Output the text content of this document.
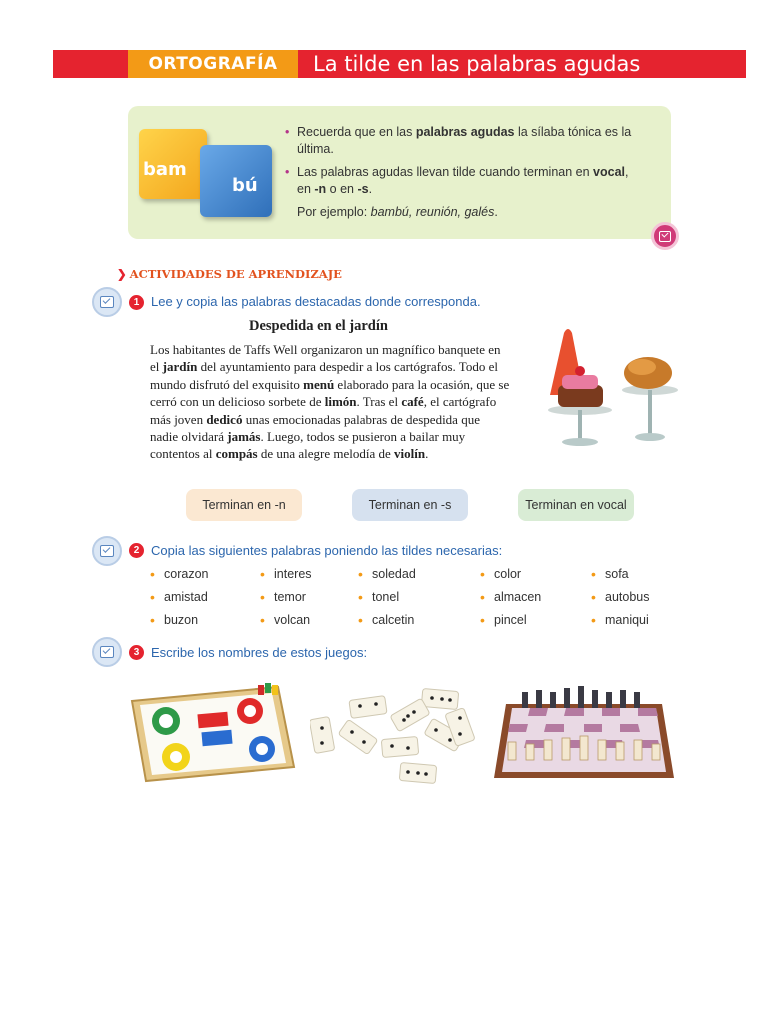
ORTOGRAFÍA	La tilde en las palabras agudas
bam
bú
• Recuerda que en las palabras agudas la sílaba tónica es la última.
• Las palabras agudas llevan tilde cuando terminan en vocal, en -n o en -s.
Por ejemplo: bambú, reunión, galés.
❯ ACTIVIDADES DE APRENDIZAJE
1 Lee y copia las palabras destacadas donde corresponda.
Despedida en el jardín
Los habitantes de Taffs Well organizaron un magnífico banquete en el jardín del ayuntamiento para despedir a los cartógrafos. Todo el mundo disfrutó del exquisito menú elaborado para la ocasión, que se cerró con un delicioso sorbete de limón. Tras el café, el cartógrafo más joven dedicó unas emocionadas palabras de despedida que nadie olvidará jamás. Luego, todos se pusieron a bailar muy contentos al compás de una alegre melodía de violín.
Terminan en -n	Terminan en -s	Terminan en vocal
2 Copia las siguientes palabras poniendo las tildes necesarias:
• corazon	• interes	• soledad	• color	• sofa
• amistad	• temor	• tonel	• almacen	• autobus
• buzon	• volcan	• calcetin	• pincel	• maniqui
3 Escribe los nombres de estos juegos:
